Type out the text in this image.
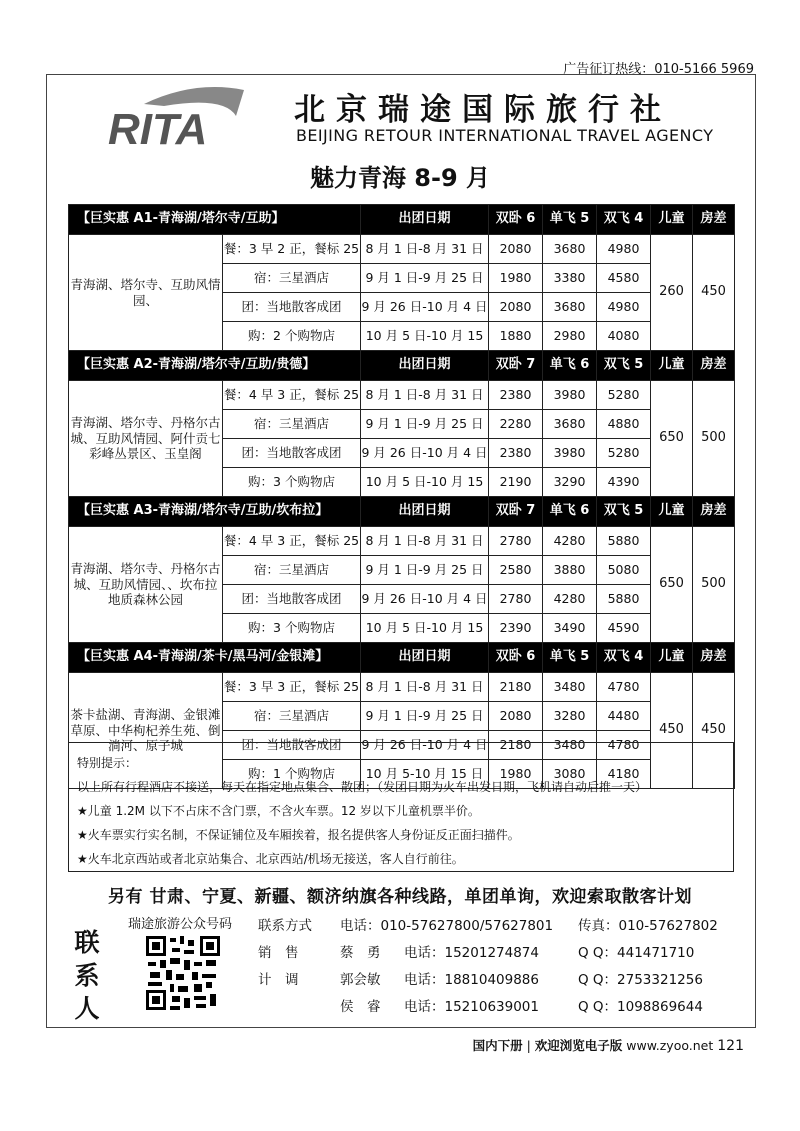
广告征订热线：010-5166 5969
RITA	北京瑞途国际旅行社
BEIJING RETOUR INTERNATIONAL TRAVEL AGENCY
魅力青海 8-9 月
【巨实惠 A1-青海湖/塔尔寺/互助】		出团日期	双卧 6	单飞 5	双飞 4	儿童	房差
青海湖、塔尔寺、互助风情园、	餐：3 早 2 正，餐标 25	8 月 1 日-8 月 31 日	2080	3680	4980	260	450
	宿：三星酒店	9 月 1 日-9 月 25 日	1980	3380	4580		
	团：当地散客成团	9 月 26 日-10 月 4 日	2080	3680	4980		
	购：2 个购物店	10 月 5 日-10 月 15	1880	2980	4080		
【巨实惠 A2-青海湖/塔尔寺/互助/贵德】		出团日期	双卧 7	单飞 6	双飞 5	儿童	房差
青海湖、塔尔寺、丹格尔古城、互助风情园、阿什贡七彩峰丛景区、玉皇阁	餐：4 早 3 正，餐标 25	8 月 1 日-8 月 31 日	2380	3980	5280	650	500
	宿：三星酒店	9 月 1 日-9 月 25 日	2280	3680	4880		
	团：当地散客成团	9 月 26 日-10 月 4 日	2380	3980	5280		
	购：3 个购物店	10 月 5 日-10 月 15	2190	3290	4390		
【巨实惠 A3-青海湖/塔尔寺/互助/坎布拉】		出团日期	双卧 7	单飞 6	双飞 5	儿童	房差
青海湖、塔尔寺、丹格尔古城、互助风情园、、坎布拉地质森林公园	餐：4 早 3 正，餐标 25	8 月 1 日-8 月 31 日	2780	4280	5880	650	500
	宿：三星酒店	9 月 1 日-9 月 25 日	2580	3880	5080		
	团：当地散客成团	9 月 26 日-10 月 4 日	2780	4280	5880		
	购：3 个购物店	10 月 5 日-10 月 15	2390	3490	4590		
【巨实惠 A4-青海湖/茶卡/黑马河/金银滩】		出团日期	双卧 6	单飞 5	双飞 4	儿童	房差
茶卡盐湖、青海湖、金银滩草原、中华枸杞养生苑、倒淌河、原子城	餐：3 早 3 正，餐标 25	8 月 1 日-8 月 31 日	2180	3480	4780	450	450
	宿：三星酒店	9 月 1 日-9 月 25 日	2080	3280	4480		
	团：当地散客成团	9 月 26 日-10 月 4 日	2180	3480	4780		
	购：1 个购物店	10 月 5-10 月 15 日	1980	3080	4180		
特别提示：
以上所有行程酒店不接送，每天在指定地点集合、散团；（发团日期为火车出发日期，飞机请自动后推一天）
★儿童 1.2M 以下不占床不含门票，不含火车票。12 岁以下儿童机票半价。
★火车票实行实名制，不保证铺位及车厢挨着，报名提供客人身份证反正面扫描件。
★火车北京西站或者北京站集合、北京西站/机场无接送，客人自行前往。
另有 甘肃、宁夏、新疆、额济纳旗各种线路，单团单询，欢迎索取散客计划
联系人
瑞途旅游公众号码 联系方式 电话：010-57627800/57627801 传真：010-57627802
销　售	蔡　勇 电话：15201274874	Q Q：441471710
计　调	郭会敏 电话：18810409886	Q Q：2753321256
侯　睿 电话：15210639001	Q Q：1098869644
国内下册 | 欢迎浏览电子版 www.zyoo.net 121
